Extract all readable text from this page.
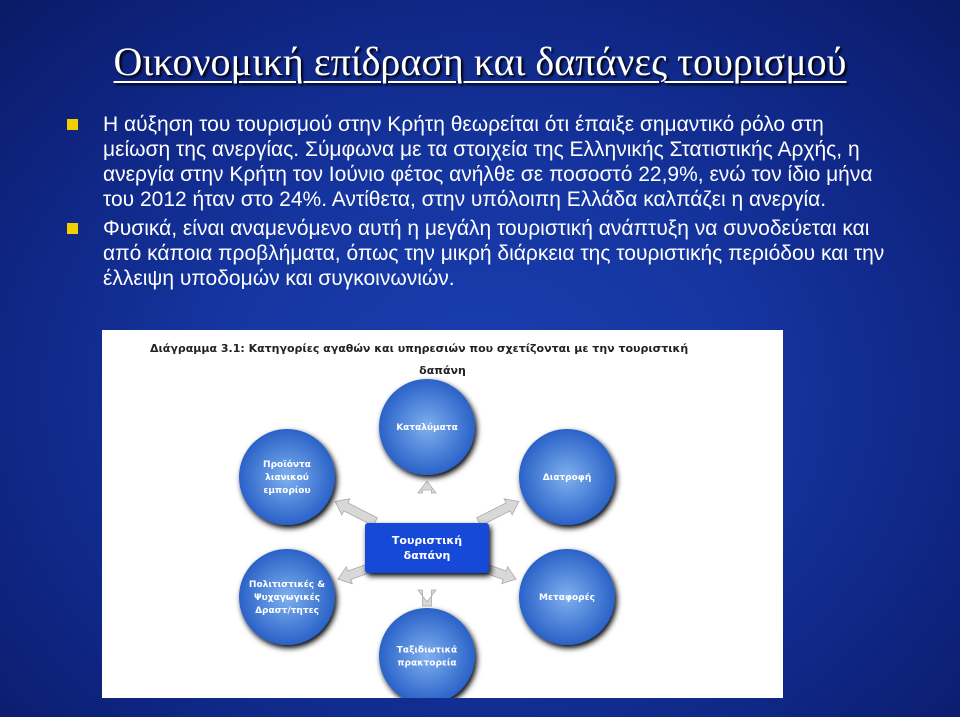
Οικονομική επίδραση και δαπάνες τουρισμού
Η αύξηση του τουρισμού στην Κρήτη θεωρείται ότι έπαιξε σημαντικό ρόλο στη μείωση της ανεργίας. Σύμφωνα με τα στοιχεία της Ελληνικής Στατιστικής Αρχής, η ανεργία στην Κρήτη τον Ιούνιο φέτος ανήλθε σε ποσοστό 22,9%, ενώ τον ίδιο μήνα του 2012 ήταν στο 24%. Αντίθετα, στην υπόλοιπη Ελλάδα καλπάζει η ανεργία.
Φυσικά, είναι αναμενόμενο αυτή η μεγάλη τουριστική ανάπτυξη να συνοδεύεται και από κάποια προβλήματα, όπως την μικρή διάρκεια της τουριστικής περιόδου και την έλλειψη υποδομών και συγκοινωνιών.
Διάγραμμα 3.1: Κατηγορίες αγαθών και υπηρεσιών που σχετίζονται με την τουριστική
δαπάνη
Τουριστική
δαπάνη
Καταλύματα
Διατροφή
Μεταφορές
Ταξιδιωτικά
πρακτορεία
Πολιτιστικές &
Ψυχαγωγικές
Δραστ/τητες
Προϊόντα
λιανικού
εμπορίου
